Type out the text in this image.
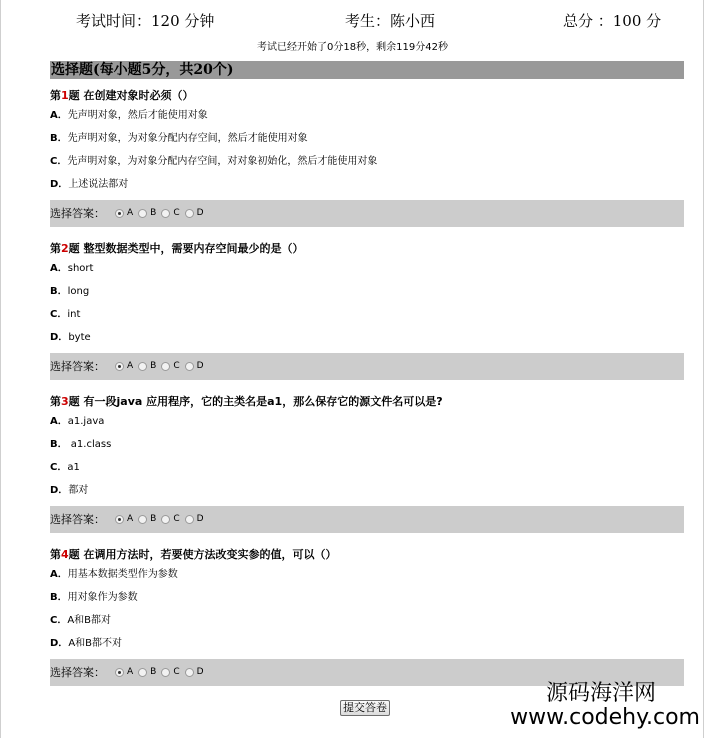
考试时间：120 分钟	考生：陈小西	总分 ：100 分
考试已经开始了0分18秒，剩余119分42秒
选择题(每小题5分，共20个)
第1题 在创建对象时必须（）
A．先声明对象，然后才能使用对象
B．先声明对象，为对象分配内存空间，然后才能使用对象
C．先声明对象，为对象分配内存空间，对对象初始化，然后才能使用对象
D．上述说法都对
选择答案： A B C D
第2题 整型数据类型中，需要内存空间最少的是（）
A．short
B．long
C．int
D．byte
选择答案： A B C D
第3题 有一段java 应用程序，它的主类名是a1，那么保存它的源文件名可以是?
A．a1.java
B． a1.class
C．a1
D．都对
选择答案： A B C D
第4题 在调用方法时，若要使方法改变实参的值，可以（）
A．用基本数据类型作为参数
B．用对象作为参数
C．A和B都对
D．A和B都不对
选择答案： A B C D
提交答卷
源码海洋网
www.codehy.com
